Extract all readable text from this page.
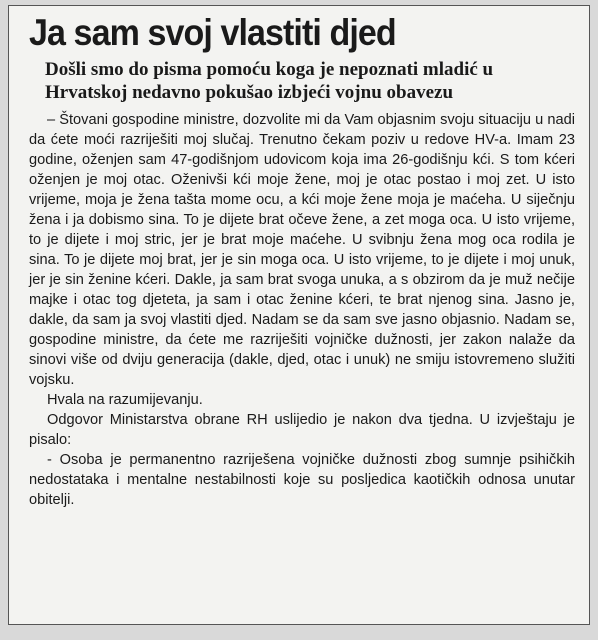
Ja sam svoj vlastiti djed
Došli smo do pisma pomoću koga je nepoznati mladić u Hrvatskoj nedavno pokušao izbjeći vojnu obavezu

– Štovani gospodine ministre, dozvolite mi da Vam objasnim svoju situaciju u nadi da ćete moći razriješiti moj slučaj. Trenutno čekam poziv u redove HV-a. Imam 23 godine, oženjen sam 47-godišnjom udovicom koja ima 26-godišnju kći. S tom kćeri oženjen je moj otac. Oženivši kći moje žene, moj je otac postao i moj zet. U isto vrijeme, moja je žena tašta mome ocu, a kći moje žene moja je maćeha. U siječnju žena i ja dobismo sina. To je dijete brat očeve žene, a zet moga oca. U isto vrijeme, to je dijete i moj stric, jer je brat moje maćehe. U svibnju žena mog oca rodila je sina. To je dijete moj brat, jer je sin moga oca. U isto vrijeme, to je dijete i moj unuk, jer je sin ženine kćeri. Dakle, ja sam brat svoga unuka, a s obzirom da je muž nečije majke i otac tog djeteta, ja sam i otac ženine kćeri, te brat njenog sina. Jasno je, dakle, da sam ja svoj vlastiti djed. Nadam se da sam sve jasno objasnio. Nadam se, gospodine ministre, da ćete me razriješiti vojničke dužnosti, jer zakon nalaže da sinovi više od dviju generacija (dakle, djed, otac i unuk) ne smiju istovremeno služiti vojsku.

Hvala na razumijevanju.

Odgovor Ministarstva obrane RH uslijedio je nakon dva tjedna. U izvještaju je pisalo:

- Osoba je permanentno razriješena vojničke dužnosti zbog sumnje psihičkih nedostataka i mentalne nestabilnosti koje su posljedica kaotičkih odnosa unutar obitelji.
